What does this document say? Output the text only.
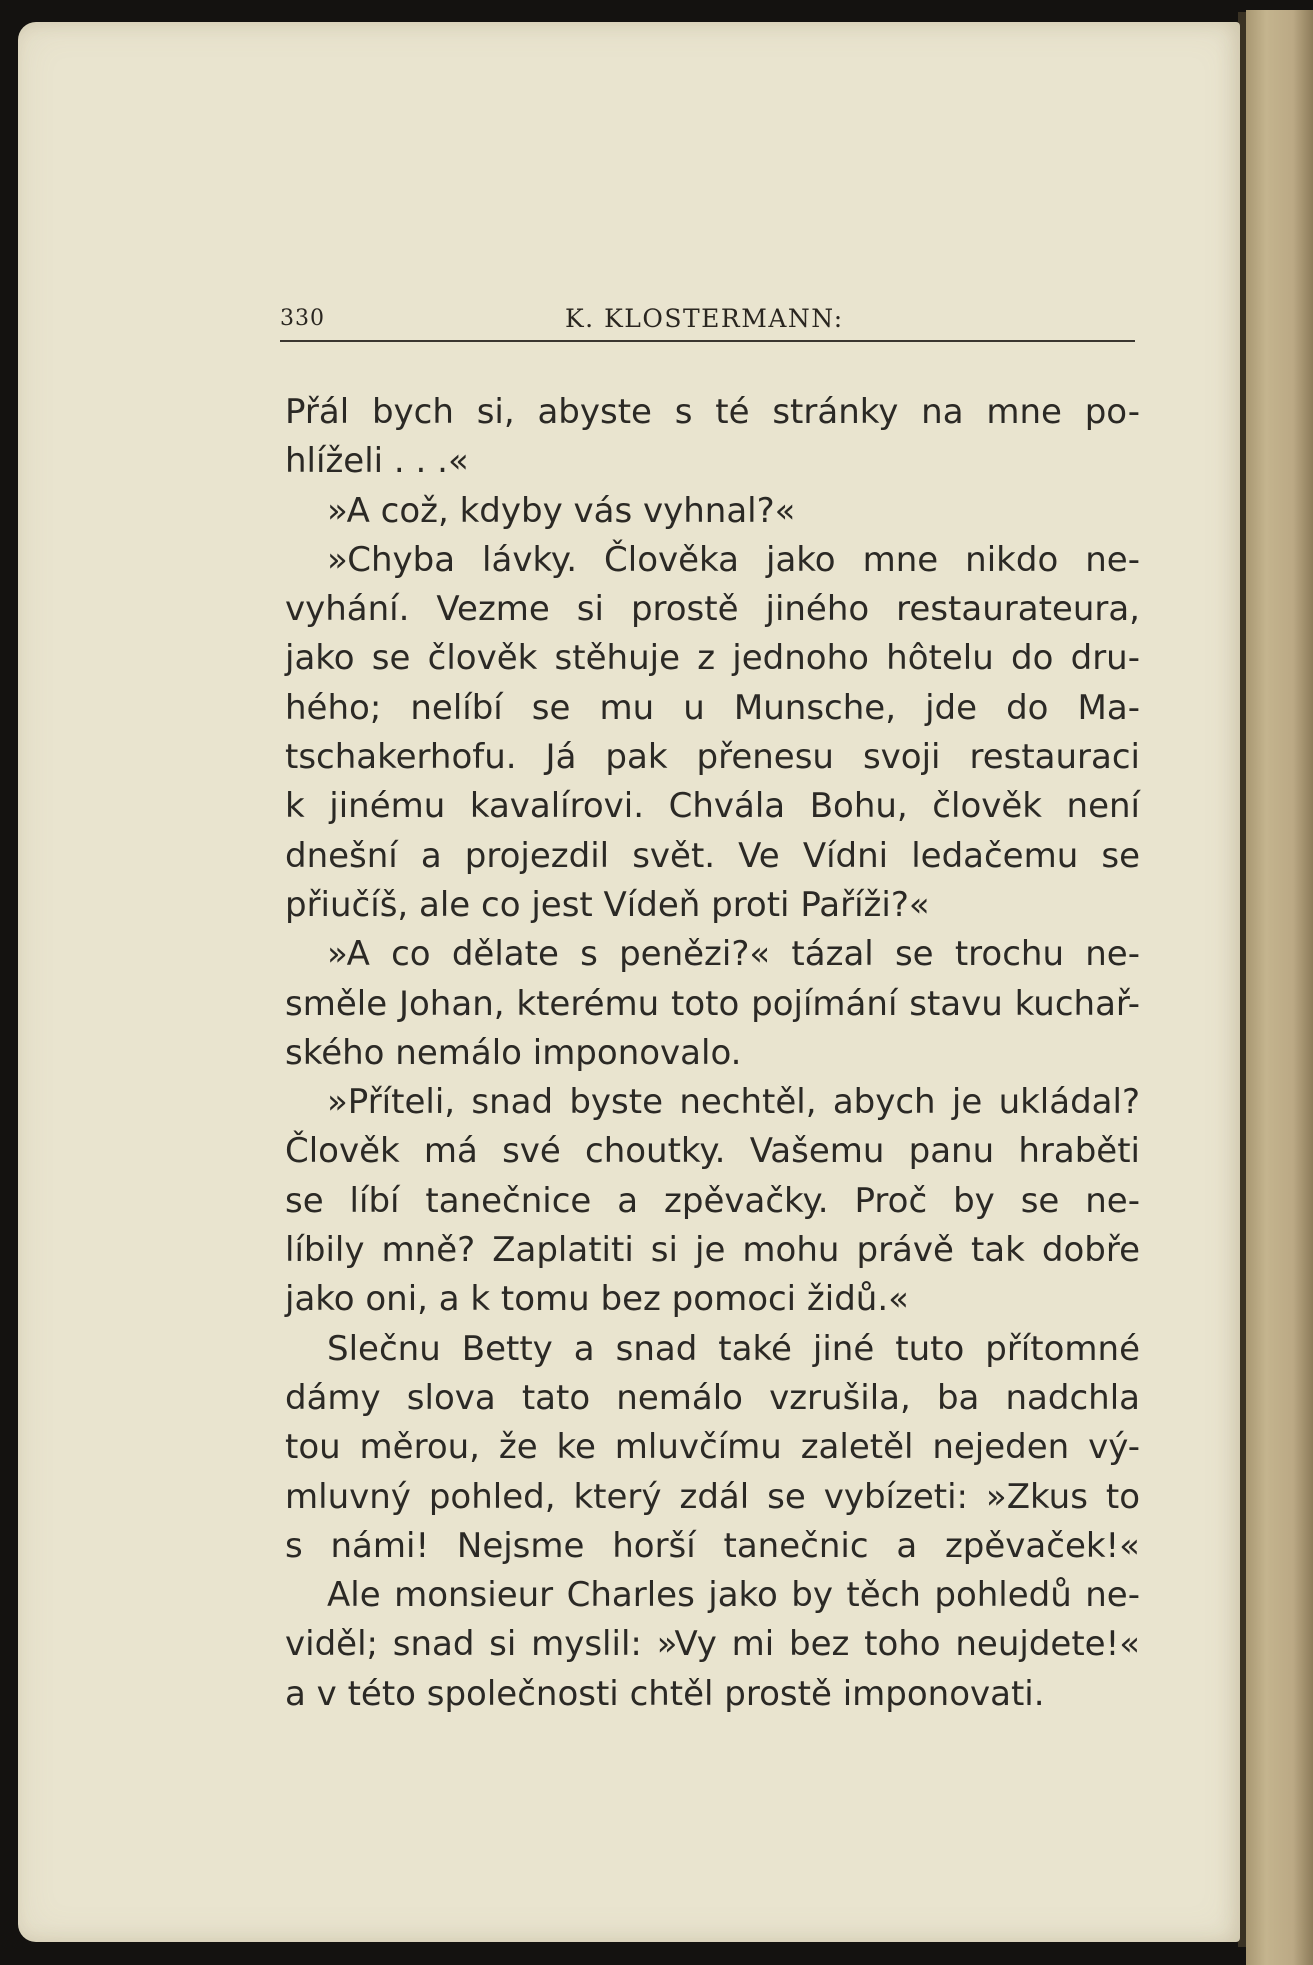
330	K. KLOSTERMANN:
Přál bych si, abyste s té stránky na mne po-
hlíželi . . .«
»A což, kdyby vás vyhnal?«
»Chyba lávky. Člověka jako mne nikdo ne-
vyhání. Vezme si prostě jiného restaurateura,
jako se člověk stěhuje z jednoho hôtelu do dru-
hého; nelíbí se mu u Munsche, jde do Ma-
tschakerhofu. Já pak přenesu svoji restauraci
k jinému kavalírovi. Chvála Bohu, člověk není
dnešní a projezdil svět. Ve Vídni ledačemu se
přiučíš, ale co jest Vídeň proti Paříži?«
»A co dělate s penězi?« tázal se trochu ne-
směle Johan, kterému toto pojímání stavu kuchař-
ského nemálo imponovalo.
»Příteli, snad byste nechtěl, abych je ukládal?
Člověk má své choutky. Vašemu panu hraběti
se líbí tanečnice a zpěvačky. Proč by se ne-
líbily mně? Zaplatiti si je mohu právě tak dobře
jako oni, a k tomu bez pomoci židů.«
Slečnu Betty a snad také jiné tuto přítomné
dámy slova tato nemálo vzrušila, ba nadchla
tou měrou, že ke mluvčímu zaletěl nejeden vý-
mluvný pohled, který zdál se vybízeti: »Zkus to
s námi! Nejsme horší tanečnic a zpěvaček!«
Ale monsieur Charles jako by těch pohledů ne-
viděl; snad si myslil: »Vy mi bez toho neujdete!«
a v této společnosti chtěl prostě imponovati.
